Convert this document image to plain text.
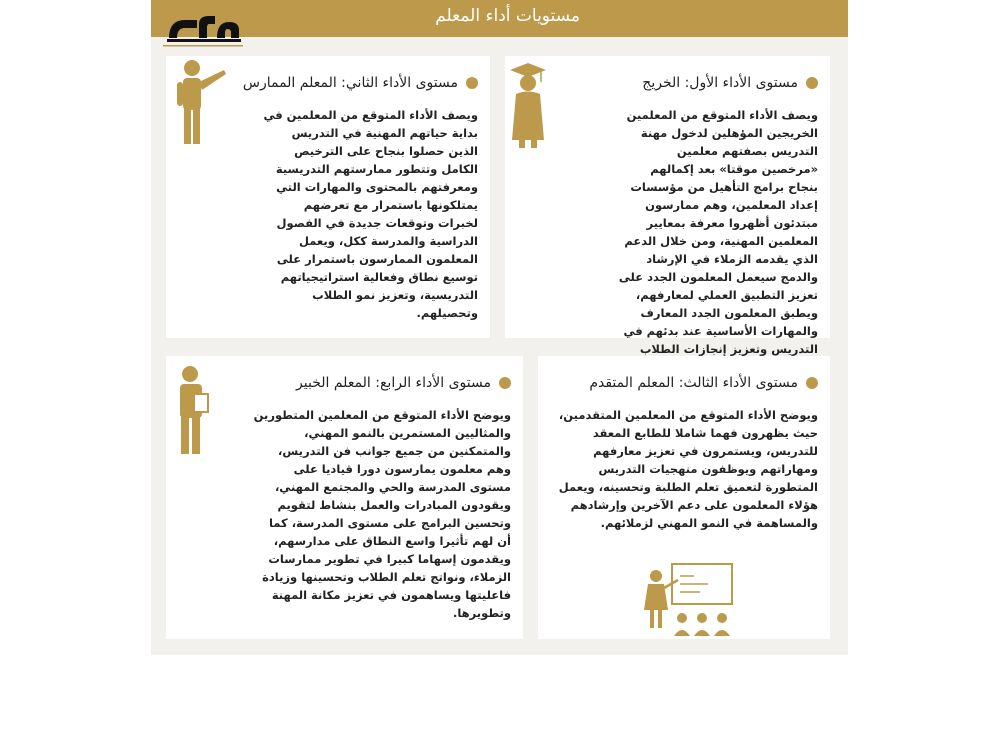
مستويات أداء المعلم
مستوى الأداء الأول: الخريج
ويصف الأداء المتوقع من المعلمين الخريجين المؤهلين لدخول مهنة التدريس بصفتهم معلمين «مرخصين موقتا» بعد إكمالهم بنجاح برامج التأهيل من مؤسسات إعداد المعلمين، وهم ممارسون مبتدئون أظهروا معرفة بمعايير المعلمين المهنية، ومن خلال الدعم الذي يقدمه الزملاء في الإرشاد والدمج سيعمل المعلمون الجدد على تعزيز التطبيق العملي لمعارفهم، ويطبق المعلمون الجدد المعارف والمهارات الأساسية عند بدئهم في التدريس وتعزيز إنجازات الطلاب
مستوى الأداء الثاني: المعلم الممارس
ويصف الأداء المتوقع من المعلمين في بداية حياتهم المهنية في التدريس الذين حصلوا بنجاح على الترخيص الكامل وتتطور ممارستهم التدريسية ومعرفتهم بالمحتوى والمهارات التي يمتلكونها باستمرار مع تعرضهم لخبرات وتوقعات جديدة في الفصول الدراسية والمدرسة ككل، ويعمل المعلمون الممارسون باستمرار على توسيع نطاق وفعالية استراتيجياتهم التدريسية، وتعزيز نمو الطلاب وتحصيلهم.
مستوى الأداء الثالث: المعلم المتقدم
ويوضح الأداء المتوقع من المعلمين المتقدمين، حيث يظهرون فهما شاملا للطابع المعقد للتدريس، ويستمرون في تعزيز معارفهم ومهاراتهم ويوظفون منهجيات التدريس المتطورة لتعميق تعلم الطلبة وتحسينه، ويعمل هؤلاء المعلمون على دعم الآخرين وإرشادهم والمساهمة في النمو المهني لزملائهم.
مستوى الأداء الرابع: المعلم الخبير
ويوضح الأداء المتوقع من المعلمين المتطورين والمثاليين المستمرين بالنمو المهني، والمتمكنين من جميع جوانب فن التدريس، وهم معلمون يمارسون دورا قياديا على مستوى المدرسة والحي والمجتمع المهني، ويقودون المبادرات والعمل بنشاط لتقويم وتحسين البرامج على مستوى المدرسة، كما أن لهم تأثيرا واسع النطاق على مدارسهم، ويقدمون إسهاما كبيرا في تطوير ممارسات الزملاء، ونواتج تعلم الطلاب وتحسينها وزيادة فاعليتها ويساهمون في تعزيز مكانة المهنة وتطويرها.
